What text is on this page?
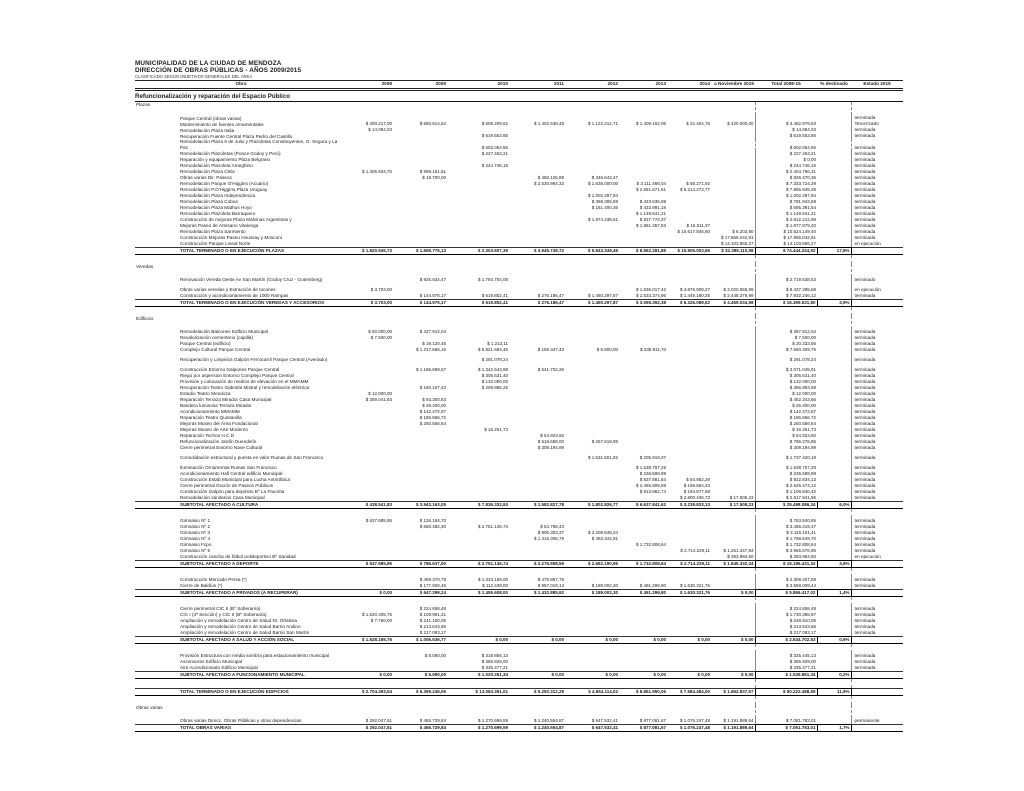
MUNICIPALIDAD DE LA CIUDAD DE MENDOZA
DIRECCIÓN DE OBRAS PÚBLICAS - AÑOS 2009/2015
CLASIFICADO SEGÚN OBJETIVOS GENERALES DEL ÁREA
Obra		2008	2009	2010	2011	2012	2013	2014	a Noviembre 2015	Total 2008-15	% destinado	Estado 2015
Refuncionalización y reparación del Espacio Público												
Plazas												
	Parque Central (obras varias)											terminada
	Mantenimiento de fuentes ornamentales	$ 400.217,00	$ 650.914,52	$ 609.209,62	$ 1.402.638,49	$ 1.122.212,71	$ 1.409.152,06	$ 22.404,76	$ 420.000,00	$ 3.482.979,63		Tercerizado
	Remodelación Plaza Italia	$ 14.094,03								$ 14.094,03		terminada
	Recuperación Fuente Central Plaza Pedro del Castillo			$ 619.553,85						$ 619.553,85		terminada
	Remodelación Plaza 9 de Julio y Plazoletas Constituyentes, G. Segura y La Paz			$ 602.054,56						$ 602.054,56		terminada
	Remodelación Plazoletas (Ponce Godoy y Perú)			$ 227.463,21						$ 227.463,21		terminada
	Reparación y equipamiento Plaza Belgrano									$ 0,00		terminada
	Remodelación Plazoleta Ameghino			$ 244.746,15						$ 244.746,15		terminada
	Remodelación Plaza Chile	$ 1.406.634,70	$ 998.161,61							$ 2.404.796,31		terminada
	Obras varias Dir. Paseos		$ 19.700,00		$ 460.126,89	$ 346.643,47				$ 826.470,36		terminada
	Remodelación Parque O'Higgins (Acuario)				$ 2.530.984,33	$ 1.635.000,00	$ 3.111.468,04	$ 56.271,92		$ 7.333.724,29		terminada
	Remodelación P.O'Higgins,Plaza Uruguay						$ 2.651.671,61	$ 5.214.273,77		$ 7.865.945,38		terminada
	Remodelación Plaza Independencia					$ 1.002.287,94				$ 1.002.287,94		terminada
	Remodelación Plaza Cobos					$ 368.306,69	$ 423.636,99			$ 791.943,68		terminada
	Remodelación Plaza Mathus Hoyo					$ 161.400,36	$ 433.991,18			$ 595.391,54		terminada
	Remodelación Plazoleta Barraquero						$ 1.149.641,21			$ 1.149.641,21		terminada
	Construcción de mejoras Plaza Malvinas Argentinas y					$ 1.874.438,61	$ 937.774,37			$ 2.812.212,98		terminada
	Mejoras Paseo de Artesano Vitalonga						$ 1.861.367,83	$ 16.511,37		$ 1.877.879,20		terminada
	Remodelación Plaza Sarmiento							$ 10.617.946,60	$ 6.202,80	$ 10.624.149,40		terminada
	Construcción Mejoras Paseo Houssay y Mosconi								$ 17.865.042,91	$ 17.865.042,91		terminada
	Construcción Parque Lineal Norte								$ 14.103.865,27	$ 14.103.865,27		en ejecución
	TOTAL TERMINADO O EN EJECUCIÓN PLAZAS	$ 1.820.945,73	$ 1.668.776,13	$ 2.303.607,39	$ 3.945.749,72	$ 5.843.349,46	$ 8.562.281,85	$ 15.905.003,66	$ 32.395.110,98	$ 74.444.244,92	17,6%	

Veredas												
	Renovación Vereda Oeste Av San Martín (Godoy Cruz - Gutemberg)		$ 925.834,47	$ 1.793.704,06						$ 2.719.538,53		terminado

	Obras varias veredas y Extracción de tocones	$ 3.703,00					$ 1.536.017,42	$ 4.876.909,27	$ 2.020.655,99	$ 8.437.285,68		en ejecución
	Construcción y acondicionamiento de 1000 Rampas		$ 144.975,17	$ 619.852,41	$ 276.186,47	$ 1.460.297,87	$ 1.533.374,96	$ 1.449.180,25	$ 2.448.378,99	$ 7.932.246,12		terminada
	TOTAL TERMINADO O EN EJECUCIÓN VEREDAS Y ACCESORIOS	$ 3.703,00	$ 144.975,17	$ 619.852,41	$ 276.186,47	$ 1.460.297,87	$ 3.069.392,38	$ 6.326.089,52	$ 4.469.034,98	$ 16.369.531,80	3,9%	

Edificios												
	Remodelación Balcones Edificio Municipal	$ 60.000,00	$ 327.912,04							$ 387.912,04		terminada
	Revalorización cementerio (capilla)	$ 7.500,00								$ 7.500,00		terminada
	Parque Central (edificio)		$ 19.120,45	$ 1.213,11						$ 20.333,56		terminada
	Complejo Cultural Parque Central		$ 1.217.666,16	$ 5.821.684,46	$ 158.347,43	$ 5.800,00	$ 338.911,70			$ 7.550.409,75		terminada

	Recuperación y Limpieza Galpón Ferrocarril Parque Central (Averiado)			$ 291.078,24						$ 291.078,24		terminada

	Construcción Entorno Galpones Parque Central		$ 1.186.699,67	$ 1.342.643,98	$ 541.702,26					$ 3.071.045,91		terminada
	Riego por aspersion Entorno Complejo Parque Central			$ 305.631,40						$ 305.631,40		terminada
	Provisión y colocación de medios de elevación en el MMAMM			$ 132.000,00						$ 132.000,00		terminada
	Recuperación Teatro Gabriela Mistral y remodelación eléctrica		$ 160.107,43	$ 206.886,25						$ 366.993,68		terminada
	Estudio Teatro Mendoza	$ 12.000,00								$ 12.000,00		terminada
	Reparación Terraza Mirador Casa Municipal	$ 359.041,83	$ 93.300,83							$ 452.342,66		terminada
	Bandera luminosa Terraza Mirador		$ 26.400,00							$ 26.400,00		terminada
	Acondicionamiento MMAMM		$ 142.472,87							$ 142.472,87		terminada
	Reparación Teatro Quintanilla		$ 186.866,72							$ 186.866,72		terminada
	Mejoras Museo del Área Fundacional		$ 260.556,64							$ 260.556,64		terminada
	Mejoras Museo de Arte Moderno			$ 16.261,73						$ 16.261,73		terminada
	Reparación Techos H.C.D				$ 54.923,60					$ 54.923,60		terminada
	Refuncionalización Jardín Duendelín				$ 518.658,00	$ 267.618,95				$ 786.276,95		terminada
	Cierre perimetral Entorno Nave Cultural				$ 309.194,99					$ 309.194,99		terminada

	Consolidación estructural y puesta en valor Ruinas de San Francisco					$ 1.531.501,82	$ 205.918,37			$ 1.737.420,19		terminada

	Iluminación Ornamental Ruinas San Francisco						$ 1.638.757,29			$ 1.638.757,29		terminada
	Acondicionamiento Hall Central edificio Municipal						$ 236.599,99			$ 236.599,99		terminada
	Construcción Estab.Municipal para Lucha Antirrábica						$ 837.881,84	$ 84.952,29		$ 922.834,13		terminada
	Cierre perimetral Dcción de Paseos Públicos						$ 2.465.809,69	$ 159.664,43		$ 2.625.474,12		terminada
	Construcción Galpón para depósito Bº La Favorita						$ 913.962,74	$ 194.877,68		$ 1.108.840,42		terminada
	Remodelación sanitarios Casa Municipal							$ 2.800.436,73	$ 17.505,23	$ 2.817.941,96		terminada
	SUBTOTAL AFECTADO A CULTURA	$ 438.541,83	$ 3.943.163,05	$ 7.836.332,93	$ 1.582.827,78	$ 1.802.826,77	$ 6.637.841,62	$ 3.239.833,13	$ 17.505,23	$ 25.498.086,34	6,0%	

	Gimnasio Nº 1	$ 637.685,95	$ 126.154,70							$ 763.840,65		terminada
	Gimnasio Nº 2		$ 660.482,30	$ 2.751.146,74	$ 54.788,43					$ 3.456.419,47		terminada
	Gimnasio Nº 3				$ 906.303,37	$ 2.208.848,04				$ 3.115.151,41		terminada
	Gimnasio Nº 4				$ 1.315.306,79	$ 453.342,91				$ 1.768.649,70		terminada
	Gimnasio Fcpo						$ 1.732.808,64			$ 1.732.808,64		terminada
	Gimnasio Nº 5							$ 2.714.229,11	$ 1.251.347,84	$ 3.965.576,95		terminada
	Construcción cancha de fútbol polideportivo Bº Sanidad								$ 393.984,50	$ 393.984,50		en ejecución
	SUBTOTAL AFECTADO A DEPORTE	$ 637.685,95	$ 786.637,00	$ 2.751.146,74	$ 2.276.598,59	$ 2.662.190,95	$ 1.732.808,64	$ 2.714.229,11	$ 1.645.332,34	$ 15.196.431,32	3,6%	

	Construcción Mercado Persa (*)		$ 469.370,79	$ 1.343.169,00	$ 475.867,79					$ 2.308.407,58		terminada
	Cierre de Baldíos (*)		$ 177.928,45	$ 112.439,00	$ 957.018,13	$ 189.002,30	$ 491.299,80	$ 1.630.321,76		$ 3.558.009,44		terminada
	SUBTOTAL AFECTADO A PRIVADOS (A RECUPERAR)	$ 0,00	$ 647.299,24	$ 1.455.608,00	$ 1.432.885,92	$ 189.002,30	$ 491.299,80	$ 1.630.321,76	$ 0,00	$ 5.866.417,02	1,4%	

	Cierre perimetral CIC II (Bº Soberanía)		$ 224.658,48							$ 224.658,48		terminada
	CIC I (4ª Sección) y CIC II (Bº Soberanía)	$ 1.620.405,76	$ 109.991,21							$ 1.730.396,97		terminada
	Ampliación y remodelación Centro de Salud Dr. Oñativia	$ 7.760,00	$ 241.150,05							$ 248.910,05		terminada
	Ampliación y remodelación Centro de Salud Barrio Andino		$ 213.643,86							$ 213.643,86		terminada
	Ampliación y remodelación Centro de Salud Barrio San Martín		$ 217.093,17							$ 217.093,17		terminada
	SUBTOTAL AFECTADO A SALUD Y ACCIÓN SOCIAL	$ 1.628.165,76	$ 1.006.536,77	$ 0,00	$ 0,00	$ 0,00	$ 0,00	$ 0,00	$ 0,00	$ 2.634.702,53	0,6%	

	Provisión Estructura con media sombra para estacionamiento municipal		$ 6.590,00	$ 318.855,13						$ 325.445,13		terminada
	Ascensores Edificio Municipal			$ 365.929,00						$ 365.929,00		terminada
	Aire Acondicionado Edificio Municipal			$ 335.477,21						$ 335.477,21		terminada
	SUBTOTAL AFECTADO A FUNCIONAMIENTO MUNICIPAL	$ 0,00	$ 6.590,00	$ 1.020.261,34	$ 0,00	$ 0,00	$ 0,00	$ 0,00	$ 0,00	$ 1.026.851,34	0,2%	

	TOTAL TERMINADO O EN EJECUCIÓN EDIFICIOS	$ 2.704.393,54	$ 6.399.246,06	$ 13.063.351,01	$ 5.292.312,29	$ 4.654.114,02	$ 8.861.950,06	$ 7.584.484,00	$ 1.662.837,57	$ 50.222.488,55	11,9%	

Obras varias												
	Obras varias Direcc. Obras Públicas y otras dependencias	$ 292.047,51	$ 465.729,84	$ 1.270.699,59	$ 1.240.554,87	$ 647.532,41	$ 877.081,67	$ 1.076.247,48	$ 1.191.889,64	$ 7.061.783,01		permanente
	TOTAL OBRAS VARIAS	$ 292.047,51	$ 465.729,84	$ 1.270.699,59	$ 1.240.554,87	$ 647.532,41	$ 877.081,67	$ 1.076.247,48	$ 1.191.889,64	$ 7.061.783,01	1,7%	
